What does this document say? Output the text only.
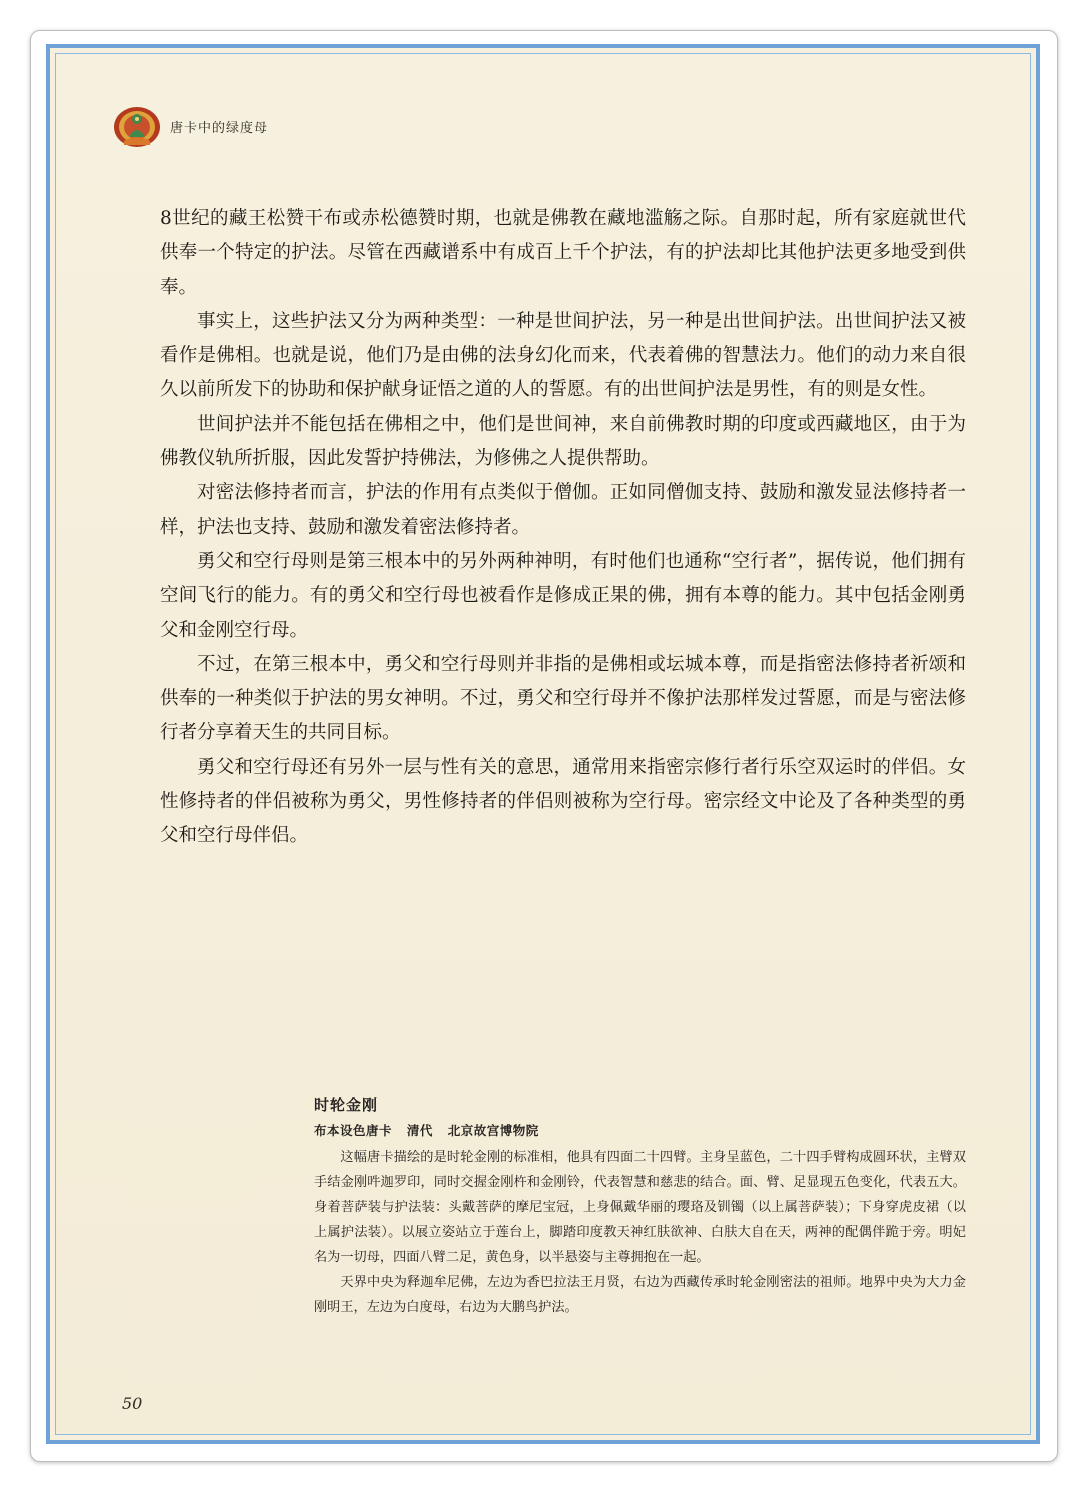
唐卡中的绿度母

8世纪的藏王松赞干布或赤松德赞时期，也就是佛教在藏地滥觞之际。自那时起，所有家庭就世代供奉一个特定的护法。尽管在西藏谱系中有成百上千个护法，有的护法却比其他护法更多地受到供奉。

事实上，这些护法又分为两种类型：一种是世间护法，另一种是出世间护法。出世间护法又被看作是佛相。也就是说，他们乃是由佛的法身幻化而来，代表着佛的智慧法力。他们的动力来自很久以前所发下的协助和保护献身证悟之道的人的誓愿。有的出世间护法是男性，有的则是女性。

世间护法并不能包括在佛相之中，他们是世间神，来自前佛教时期的印度或西藏地区，由于为佛教仪轨所折服，因此发誓护持佛法，为修佛之人提供帮助。

对密法修持者而言，护法的作用有点类似于僧伽。正如同僧伽支持、鼓励和激发显法修持者一样，护法也支持、鼓励和激发着密法修持者。

勇父和空行母则是第三根本中的另外两种神明，有时他们也通称“空行者”，据传说，他们拥有空间飞行的能力。有的勇父和空行母也被看作是修成正果的佛，拥有本尊的能力。其中包括金刚勇父和金刚空行母。

不过，在第三根本中，勇父和空行母则并非指的是佛相或坛城本尊，而是指密法修持者祈颂和供奉的一种类似于护法的男女神明。不过，勇父和空行母并不像护法那样发过誓愿，而是与密法修行者分享着天生的共同目标。

勇父和空行母还有另外一层与性有关的意思，通常用来指密宗修行者行乐空双运时的伴侣。女性修持者的伴侣被称为勇父，男性修持者的伴侣则被称为空行母。密宗经文中论及了各种类型的勇父和空行母伴侣。

时轮金刚
布本设色唐卡 清代 北京故宫博物院

这幅唐卡描绘的是时轮金刚的标准相，他具有四面二十四臂。主身呈蓝色，二十四手臂构成圆环状，主臂双手结金刚吽迦罗印，同时交握金刚杵和金刚铃，代表智慧和慈悲的结合。面、臂、足显现五色变化，代表五大。身着菩萨装与护法装：头戴菩萨的摩尼宝冠，上身佩戴华丽的璎珞及钏镯（以上属菩萨装）；下身穿虎皮裙（以上属护法装）。以展立姿站立于莲台上，脚踏印度教天神红肤欲神、白肤大自在天，两神的配偶伴跪于旁。明妃名为一切母，四面八臂二足，黄色身，以半悬姿与主尊拥抱在一起。

天界中央为释迦牟尼佛，左边为香巴拉法王月贤，右边为西藏传承时轮金刚密法的祖师。地界中央为大力金刚明王，左边为白度母，右边为大鹏鸟护法。

50
